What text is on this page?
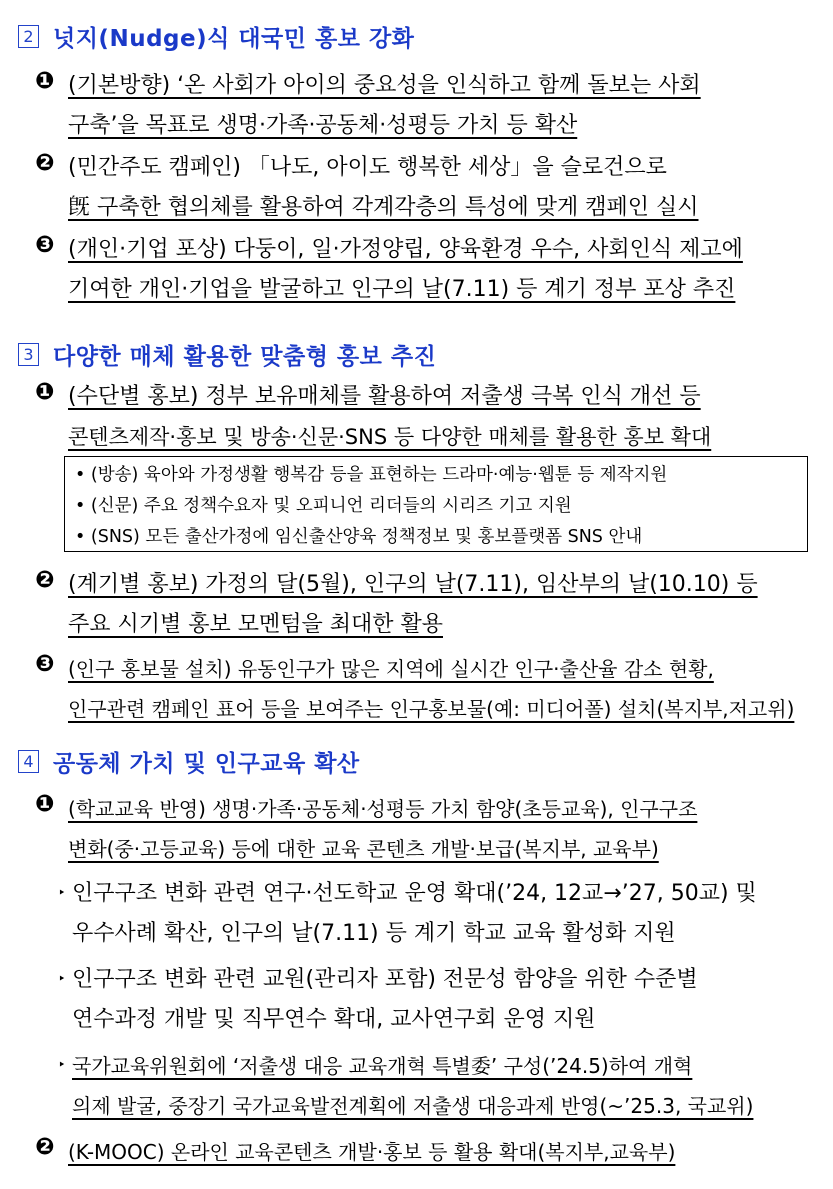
2 넛지(Nudge)식 대국민 홍보 강화
❶ (기본방향) ‘온 사회가 아이의 중요성을 인식하고 함께 돌보는 사회
구축’을 목표로 생명·가족·공동체·성평등 가치 등 확산
❷ (민간주도 캠페인) 「나도, 아이도 행복한 세상」을 슬로건으로
旣 구축한 협의체를 활용하여 각계각층의 특성에 맞게 캠페인 실시
❸ (개인·기업 포상) 다둥이, 일·가정양립, 양육환경 우수, 사회인식 제고에
기여한 개인·기업을 발굴하고 인구의 날(7.11) 등 계기 정부 포상 추진
3 다양한 매체 활용한 맞춤형 홍보 추진
❶ (수단별 홍보) 정부 보유매체를 활용하여 저출생 극복 인식 개선 등
콘텐츠제작·홍보 및 방송·신문·SNS 등 다양한 매체를 활용한 홍보 확대
• (방송) 육아와 가정생활 행복감 등을 표현하는 드라마·예능·웹툰 등 제작지원
• (신문) 주요 정책수요자 및 오피니언 리더들의 시리즈 기고 지원
• (SNS) 모든 출산가정에 임신출산양육 정책정보 및 홍보플랫폼 SNS 안내
❷ (계기별 홍보) 가정의 달(5월), 인구의 날(7.11), 임산부의 날(10.10) 등
주요 시기별 홍보 모멘텀을 최대한 활용
❸ (인구 홍보물 설치) 유동인구가 많은 지역에 실시간 인구·출산율 감소 현황,
인구관련 캠페인 표어 등을 보여주는 인구홍보물(예: 미디어폴) 설치(복지부,저고위)
4 공동체 가치 및 인구교육 확산
❶ (학교교육 반영) 생명·가족·공동체·성평등 가치 함양(초등교육), 인구구조
변화(중·고등교육) 등에 대한 교육 콘텐츠 개발·보급(복지부, 교육부)
‣ 인구구조 변화 관련 연구·선도학교 운영 확대(’24, 12교→’27, 50교) 및
우수사례 확산, 인구의 날(7.11) 등 계기 학교 교육 활성화 지원
‣ 인구구조 변화 관련 교원(관리자 포함) 전문성 함양을 위한 수준별
연수과정 개발 및 직무연수 확대, 교사연구회 운영 지원
‣ 국가교육위원회에 ‘저출생 대응 교육개혁 특별委’ 구성(’24.5)하여 개혁
의제 발굴, 중장기 국가교육발전계획에 저출생 대응과제 반영(~’25.3, 국교위)
❷ (K-MOOC) 온라인 교육콘텐츠 개발·홍보 등 활용 확대(복지부,교육부)
